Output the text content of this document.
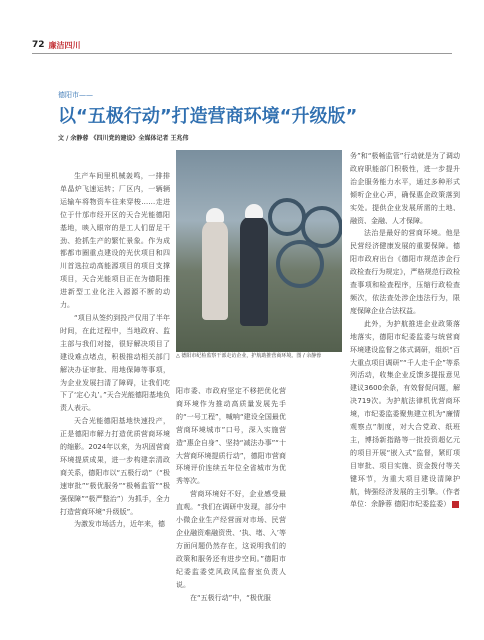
72 廉洁四川
德阳市——
以“五极行动”打造营商环境“升级版”
文 / 余静蓉 《四川党的建设》全媒体记者 王兆伟

生产车间里机械轰鸣，一排排单晶炉飞速运转；厂区内，一辆辆运输车将物资车往来穿梭……走进位于什邡市经开区的天合光能德阳基地，映入眼帘的是工人们留足干劲、抢抓生产的繁忙景象。作为成都都市圈重点建设的光伏项目和四川首选拉动高能源项目的项目支撑项目，天合光能项目正在为德阳推进新型工业化注入源源不断的动力。

“项目从签约到投产仅用了半年时间，在此过程中，当地政府、监主部与我们对接，很好解决项目了建设难点堵点，积极推动相关部门解决办证审批、用地保障等事项，为企业发展扫清了障碍，让我们吃下了‘定心丸’。”天合光能德阳基地负责人表示。

天合光能德阳基地快速投产，正是德阳市解力打造优质营商环境的缩影。2024年以来，为巩固营商环境提质成果，进一步构建亲清政商关系，德阳市以“五极行动”（“极速审批”“极优服务”“极畅监管”“极强保障”“极严整治”）为抓手，全力打造营商环境“升级版”。

为激发市场活力，近年来，德

△ 德阳市纪检监察干部走访企业，护航助推营商环境。图 / 余静蓉

阳市委、市政府坚定不移把优化营商环境作为推动高质量发展先手的“一号工程”，喊响“建设全国最优营商环境城市”口号，深入实施营造“惠企自身”、坚持“减法办事”“十大营商环境提质行动”，德阳市营商环境评价连续五年位全省城市为优秀等次。

营商环境好不好，企业感受最直观。“我们在调研中发现，部分中小微企业生产经营面对市场、民营企业融资难融资贵、‘执、堵、入’等方面问题仍然存在，这说明我们的政策和服务还有进步空间。”德阳市纪委监委党风政风监督室负责人说。

在“五极行动”中，“极优服

务”和“极畅监管”行动就是为了调动政府职能部门积极性，进一步提升治企服务能力水平，通过多种形式倾听企业心声，确保惠企政策落到实处。提供企业发展所需的土地、融资、金融、人才保障。

法治是最好的营商环境。他是民营经济健康发展的重要保障。德阳市政府出台《德阳市规范涉企行政检查行为规定》，严格规范行政检查事项和检查程序，压缩行政检查频次，依法查处涉企违法行为，限度保障企业合法权益。

此外，为护航推进企业政策落地落实，德阳市纪委监委与统营商环境建设监督之体式调研，组织“百大重点项目调研”“千人走千企”等系列活动，收集企业反馈多提报意见建议3600余条，有效督促问题，解决719次。为护航法律机优营商环境，市纪委监委聚焦建立机为“廉情观察点”制度，对大合党政、纸班主，博扬新指路等一批投资超亿元的项目开展“嵌入式”监督，紧盯项目审批、项目实施、资金拨付等关键环节，为重大项目建设清障护航，铸强经济发展的主引擎。（作者单位：余静蓉 德阳市纪委监委）
